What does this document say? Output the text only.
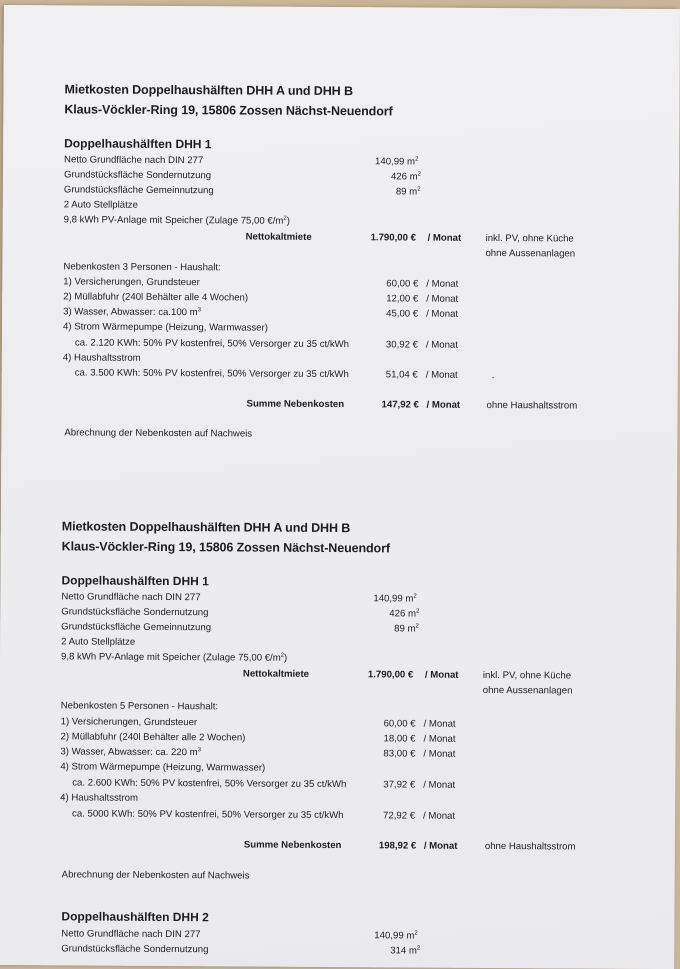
Mietkosten Doppelhaushälften DHH A und DHH B
Klaus-Vöckler-Ring 19, 15806 Zossen Nächst-Neuendorf
Doppelhaushälften DHH 1
Netto Grundfläche nach DIN 277	140,99 $m^2$
Grundstücksfläche Sondernutzung	426 $m^2$
Grundstücksfläche Gemeinnutzung	89 $m^2$
2 Auto Stellplätze
9,8 kWh PV-Anlage mit Speicher (Zulage 75,00 $€/m^2$)
Nettokaltmiete	1.790,00 € / Monat	inkl. PV, ohne Küche
ohne Aussenanlagen
Nebenkosten 3 Personen - Haushalt:
1) Versicherungen, Grundsteuer	60,00 € / Monat
2) Müllabfuhr (240l Behälter alle 4 Wochen)	12,00 € / Monat
3) Wasser, Abwasser: ca.100 $m^3$	45,00 € / Monat
4) Strom Wärmepumpe (Heizung, Warmwasser)
ca. 2.120 KWh: 50% PV kostenfrei, 50% Versorger zu 35 ct/kWh	30,92 € / Monat
4) Haushaltsstrom
ca. 3.500 KWh: 50% PV kostenfrei, 50% Versorger zu 35 ct/kWh	51,04 € / Monat	.
Summe Nebenkosten	147,92 € / Monat	ohne Haushaltsstrom
Abrechnung der Nebenkosten auf Nachweis
Mietkosten Doppelhaushälften DHH A und DHH B
Klaus-Vöckler-Ring 19, 15806 Zossen Nächst-Neuendorf
Doppelhaushälften DHH 1
Netto Grundfläche nach DIN 277	140,99 $m^2$
Grundstücksfläche Sondernutzung	426 $m^2$
Grundstücksfläche Gemeinnutzung	89 $m^2$
2 Auto Stellplätze
9,8 kWh PV-Anlage mit Speicher (Zulage 75,00 $€/m^2$)
Nettokaltmiete	1.790,00 € / Monat	inkl. PV, ohne Küche
ohne Aussenanlagen
Nebenkosten 5 Personen - Haushalt:
1) Versicherungen, Grundsteuer	60,00 € / Monat
2) Müllabfuhr (240l Behälter alle 2 Wochen)	18,00 € / Monat
3) Wasser, Abwasser: ca. 220 $m^3$	83,00 € / Monat
4) Strom Wärmepumpe (Heizung, Warmwasser)
ca. 2.600 KWh: 50% PV kostenfrei, 50% Versorger zu 35 ct/kWh	37,92 € / Monat
4) Haushaltsstrom
ca. 5000 KWh: 50% PV kostenfrei, 50% Versorger zu 35 ct/kWh	72,92 € / Monat
Summe Nebenkosten	198,92 € / Monat	ohne Haushaltsstrom
Abrechnung der Nebenkosten auf Nachweis
Doppelhaushälften DHH 2
Netto Grundfläche nach DIN 277	140,99 $m^2$
Grundstücksfläche Sondernutzung	314 $m^2$
